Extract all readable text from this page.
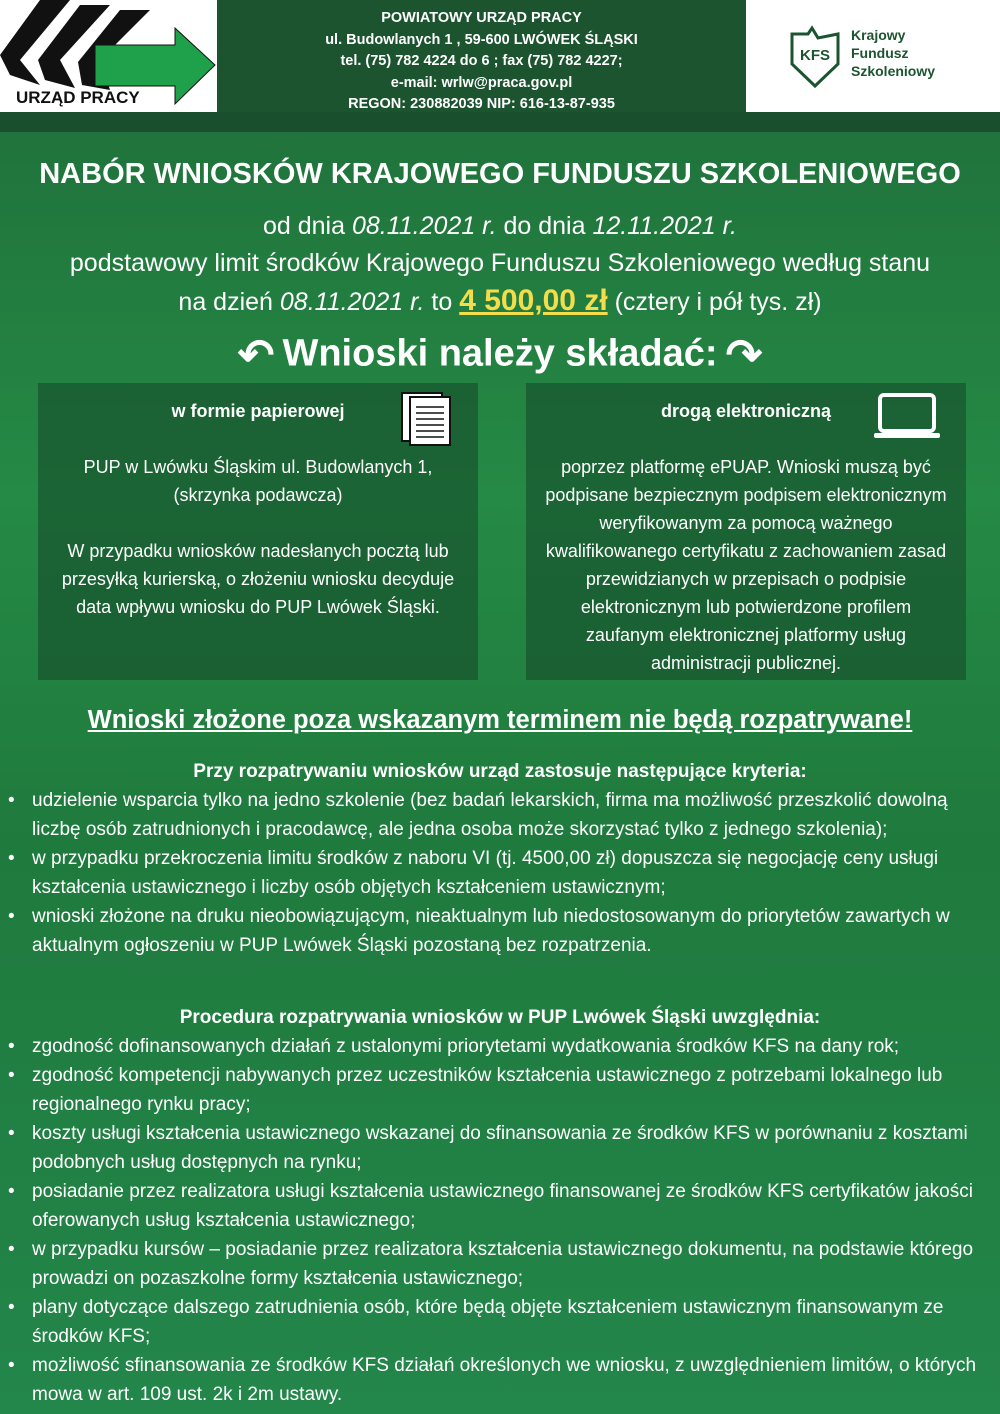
URZĄD PRACY
POWIATOWY URZĄD PRACY
ul. Budowlanych 1 , 59-600 LWÓWEK ŚLĄSKI
tel. (75) 782 4224 do 6 ; fax (75) 782 4227;
e-mail: wrlw@praca.gov.pl
REGON: 230882039 NIP: 616-13-87-935
KFS
Krajowy
Fundusz
Szkoleniowy
NABÓR WNIOSKÓW KRAJOWEGO FUNDUSZU SZKOLENIOWEGO
od dnia 08.11.2021 r. do dnia 12.11.2021 r.
podstawowy limit środków Krajowego Funduszu Szkoleniowego według stanu
na dzień 08.11.2021 r. to 4 500,00 zł (cztery i pół tys. zł)
↶ Wnioski należy składać: ↷
w formie papierowej

PUP w Lwówku Śląskim ul. Budowlanych 1, (skrzynka podawcza)

W przypadku wniosków nadesłanych pocztą lub przesyłką kurierską, o złożeniu wniosku decyduje data wpływu wniosku do PUP Lwówek Śląski.

drogą elektroniczną

poprzez platformę ePUAP. Wnioski muszą być podpisane bezpiecznym podpisem elektronicznym weryfikowanym za pomocą ważnego kwalifikowanego certyfikatu z zachowaniem zasad przewidzianych w przepisach o podpisie elektronicznym lub potwierdzone profilem zaufanym elektronicznej platformy usług administracji publicznej.

Wnioski złożone poza wskazanym terminem nie będą rozpatrywane!
Przy rozpatrywaniu wniosków urząd zastosuje następujące kryteria:
• udzielenie wsparcia tylko na jedno szkolenie (bez badań lekarskich, firma ma możliwość przeszkolić dowolną liczbę osób zatrudnionych i pracodawcę, ale jedna osoba może skorzystać tylko z jednego szkolenia);
• w przypadku przekroczenia limitu środków z naboru VI (tj. 4500,00 zł) dopuszcza się negocjację ceny usługi kształcenia ustawicznego i liczby osób objętych kształceniem ustawicznym;
• wnioski złożone na druku nieobowiązującym, nieaktualnym lub niedostosowanym do priorytetów zawartych w aktualnym ogłoszeniu w PUP Lwówek Śląski pozostaną bez rozpatrzenia.
Procedura rozpatrywania wniosków w PUP Lwówek Śląski uwzględnia:
• zgodność dofinansowanych działań z ustalonymi priorytetami wydatkowania środków KFS na dany rok;
• zgodność kompetencji nabywanych przez uczestników kształcenia ustawicznego z potrzebami lokalnego lub regionalnego rynku pracy;
• koszty usługi kształcenia ustawicznego wskazanej do sfinansowania ze środków KFS w porównaniu z kosztami podobnych usług dostępnych na rynku;
• posiadanie przez realizatora usługi kształcenia ustawicznego finansowanej ze środków KFS certyfikatów jakości oferowanych usług kształcenia ustawicznego;
• w przypadku kursów – posiadanie przez realizatora kształcenia ustawicznego dokumentu, na podstawie którego prowadzi on pozaszkolne formy kształcenia ustawicznego;
• plany dotyczące dalszego zatrudnienia osób, które będą objęte kształceniem ustawicznym finansowanym ze środków KFS;
• możliwość sfinansowania ze środków KFS działań określonych we wniosku, z uwzględnieniem limitów, o których mowa w art. 109 ust. 2k i 2m ustawy.
